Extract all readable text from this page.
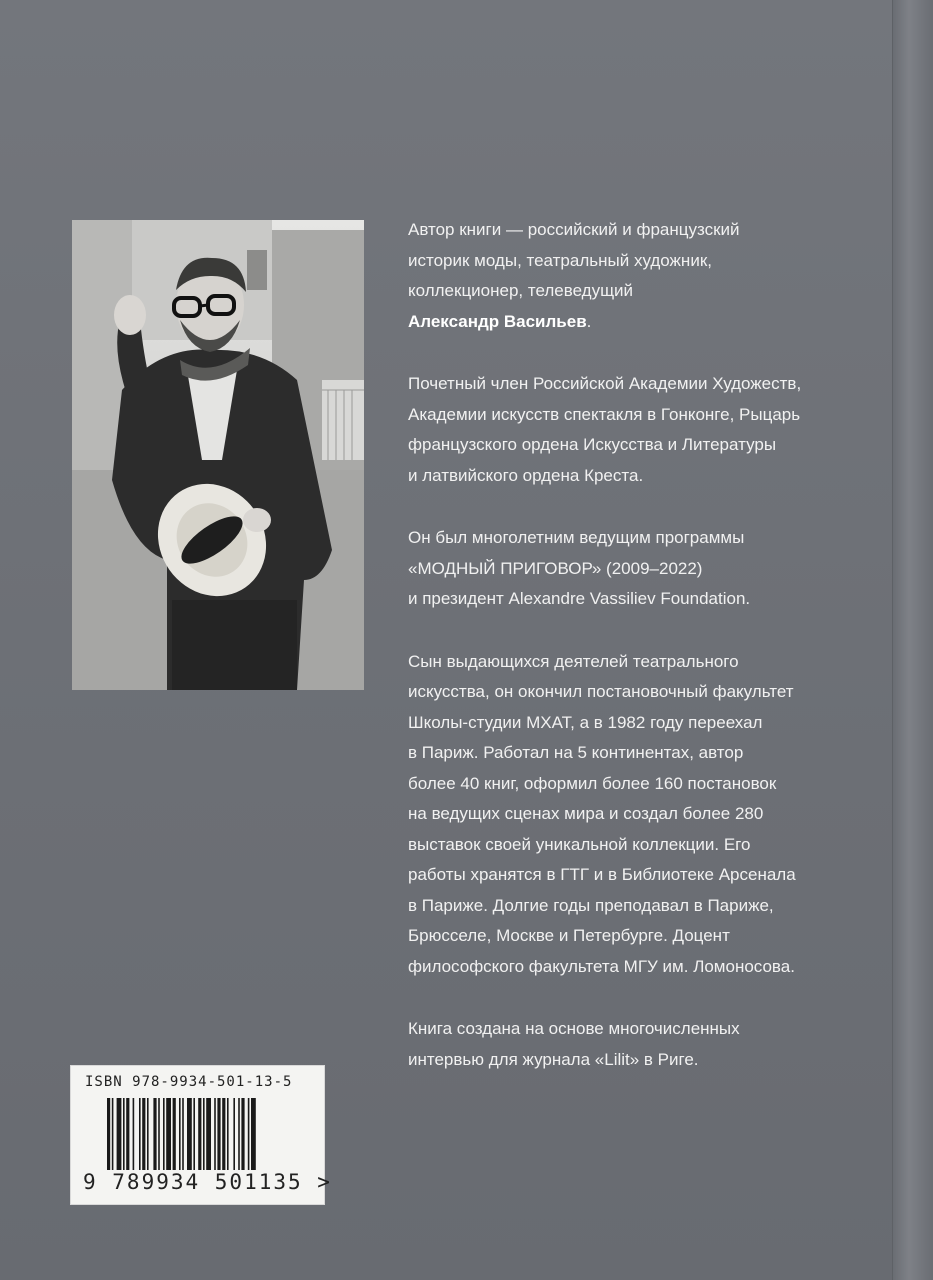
Автор книги — российский и французский
историк моды, театральный художник,
коллекционер, телеведущий
Александр Васильев.

Почетный член Российской Академии Художеств,
Академии искусств спектакля в Гонконге, Рыцарь
французского ордена Искусства и Литературы
и латвийского ордена Креста.

Он был многолетним ведущим программы
«МОДНЫЙ ПРИГОВОР» (2009–2022)
и президент Alexandre Vassiliev Foundation.

Сын выдающихся деятелей театрального
искусства, он окончил постановочный факультет
Школы-студии МХАТ, а в 1982 году переехал
в Париж. Работал на 5 континентах, автор
более 40 книг, оформил более 160 постановок
на ведущих сценах мира и создал более 280
выставок своей уникальной коллекции. Его
работы хранятся в ГТГ и в Библиотеке Арсенала
в Париже. Долгие годы преподавал в Париже,
Брюсселе, Москве и Петербурге. Доцент
философского факультета МГУ им. Ломоносова.

Книга создана на основе многочисленных
интервью для журнала «Lilit» в Риге.

ISBN 978-9934-501-13-5
9 789934 501135 >
